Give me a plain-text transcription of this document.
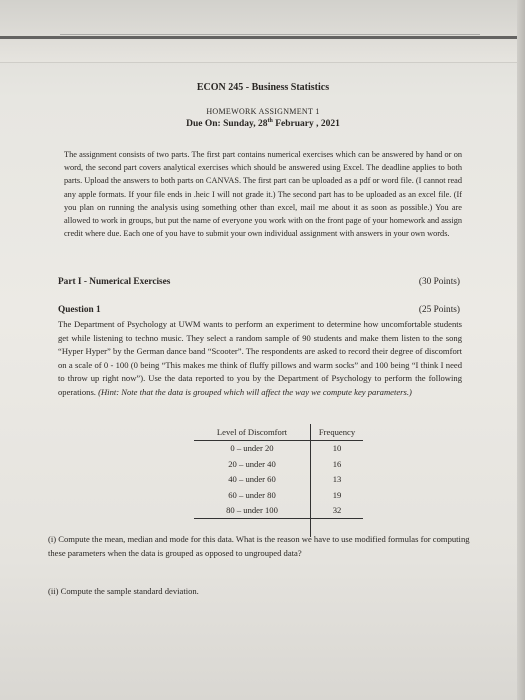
ECON 245 - Business Statistics
HOMEWORK ASSIGNMENT 1
Due On: Sunday, 28th February , 2021
The assignment consists of two parts. The first part contains numerical exercises which can be answered by hand or on word, the second part covers analytical exercises which should be answered using Excel. The deadline applies to both parts. Upload the answers to both parts on CANVAS. The first part can be uploaded as a pdf or word file. (I cannot read any apple formats. If your file ends in .heic I will not grade it.) The second part has to be uploaded as an excel file. (If you plan on running the analysis using something other than excel, mail me about it as soon as possible.) You are allowed to work in groups, but put the name of everyone you work with on the front page of your homework and assign credit where due. Each one of you have to submit your own individual assignment with answers in your own words.
Part I - Numerical Exercises	(30 Points)
Question 1	(25 Points)
The Department of Psychology at UWM wants to perform an experiment to determine how uncomfortable students get while listening to techno music. They select a random sample of 90 students and make them listen to the song “Hyper Hyper” by the German dance band “Scooter”. The respondents are asked to record their degree of discomfort on a scale of 0 - 100 (0 being “This makes me think of fluffy pillows and warm socks” and 100 being “I think I need to throw up right now”). Use the data reported to you by the Department of Psychology to perform the following operations. (Hint: Note that the data is grouped which will affect the way we compute key parameters.)
Level of Discomfort	Frequency
0 – under 20	10
20 – under 40	16
40 – under 60	13
60 – under 80	19
80 – under 100	32

(i) Compute the mean, median and mode for this data. What is the reason we have to use modified formulas for computing these parameters when the data is grouped as opposed to ungrouped data?
(ii) Compute the sample standard deviation.
